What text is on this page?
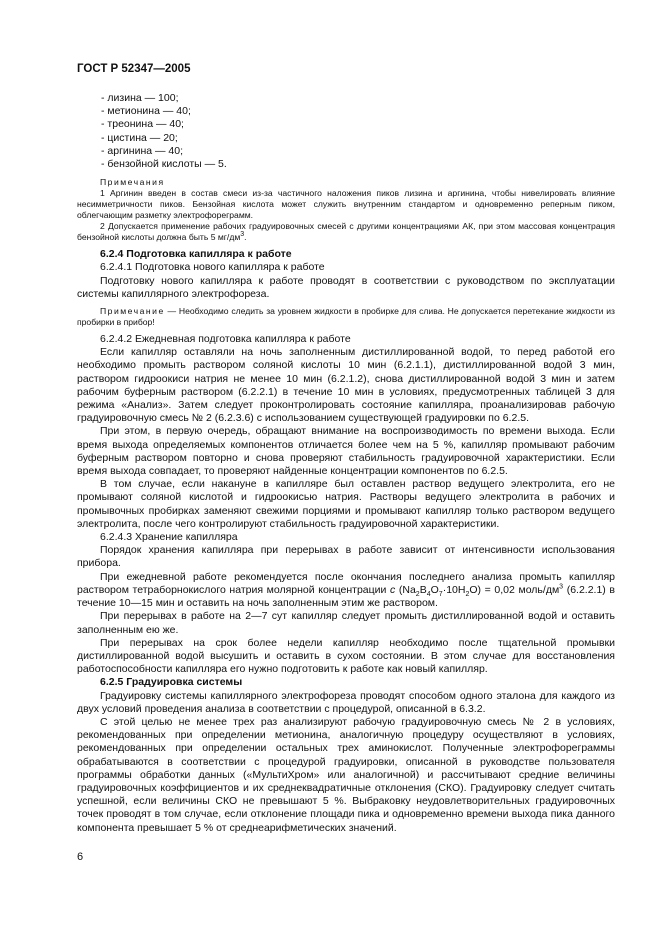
ГОСТ Р 52347—2005

- лизина — 100;

- метионина — 40;

- треонина — 40;

- цистина — 20;

- аргинина — 40;

- бензойной кислоты — 5.

Примечания

1 Аргинин введен в состав смеси из-за частичного наложения пиков лизина и аргинина, чтобы нивелировать влияние несимметричности пиков. Бензойная кислота может служить внутренним стандартом и одновременно реперным пиком, облегчающим разметку электрофореграмм.

2 Допускается применение рабочих градуировочных смесей с другими концентрациями АК, при этом массовая концентрация бензойной кислоты должна быть 5 $мг/дм^3$.

6.2.4 Подготовка капилляра к работе

6.2.4.1 Подготовка нового капилляра к работе

Подготовку нового капилляра к работе проводят в соответствии с руководством по эксплуатации системы капиллярного электрофореза.

Примечание — Необходимо следить за уровнем жидкости в пробирке для слива. Не допускается перетекание жидкости из пробирки в прибор!

6.2.4.2 Ежедневная подготовка капилляра к работе

Если капилляр оставляли на ночь заполненным дистиллированной водой, то перед работой его необходимо промыть раствором соляной кислоты 10 мин (6.2.1.1), дистиллированной водой 3 мин, раствором гидроокиси натрия не менее 10 мин (6.2.1.2), снова дистиллированной водой 3 мин и затем рабочим буферным раствором (6.2.2.1) в течение 10 мин в условиях, предусмотренных таблицей 3 для режима «Анализ». Затем следует проконтролировать состояние капилляра, проанализировав рабочую градуировочную смесь № 2 (6.2.3.6) с использованием существующей градуировки по 6.2.5.

При этом, в первую очередь, обращают внимание на воспроизводимость по времени выхода. Если время выхода определяемых компонентов отличается более чем на 5 %, капилляр промывают рабочим буферным раствором повторно и снова проверяют стабильность градуировочной характеристики. Если время выхода совпадает, то проверяют найденные концентрации компонентов по 6.2.5.

В том случае, если накануне в капилляре был оставлен раствор ведущего электролита, его не промывают соляной кислотой и гидроокисью натрия. Растворы ведущего электролита в рабочих и промывочных пробирках заменяют свежими порциями и промывают капилляр только раствором ведущего электролита, после чего контролируют стабильность градуировочной характеристики.

6.2.4.3 Хранение капилляра

Порядок хранения капилляра при перерывах в работе зависит от интенсивности использования прибора.

При ежедневной работе рекомендуется после окончания последнего анализа промыть капилляр раствором тетраборнокислого натрия молярной концентрации c $(Na_2B_4O_7\cdot 10H_2O) = 0,02$ моль/$дм^3$ (6.2.2.1) в течение 10—15 мин и оставить на ночь заполненным этим же раствором.

При перерывах в работе на 2—7 сут капилляр следует промыть дистиллированной водой и оставить заполненным ею же.

При перерывах на срок более недели капилляр необходимо после тщательной промывки дистиллированной водой высушить и оставить в сухом состоянии. В этом случае для восстановления работоспособности капилляра его нужно подготовить к работе как новый капилляр.

6.2.5 Градуировка системы

Градуировку системы капиллярного электрофореза проводят способом одного эталона для каждого из двух условий проведения анализа в соответствии с процедурой, описанной в 6.3.2.

С этой целью не менее трех раз анализируют рабочую градуировочную смесь № 2 в условиях, рекомендованных при определении метионина, аналогичную процедуру осуществляют в условиях, рекомендованных при определении остальных трех аминокислот. Полученные электрофореграммы обрабатываются в соответствии с процедурой градуировки, описанной в руководстве пользователя программы обработки данных («МультиХром» или аналогичной) и рассчитывают средние величины градуировочных коэффициентов и их среднеквадратичные отклонения (СКО). Градуировку следует считать успешной, если величины СКО не превышают 5 %. Выбраковку неудовлетворительных градуировочных точек проводят в том случае, если отклонение площади пика и одновременно времени выхода пика данного компонента превышает 5 % от среднеарифметических значений.

6
